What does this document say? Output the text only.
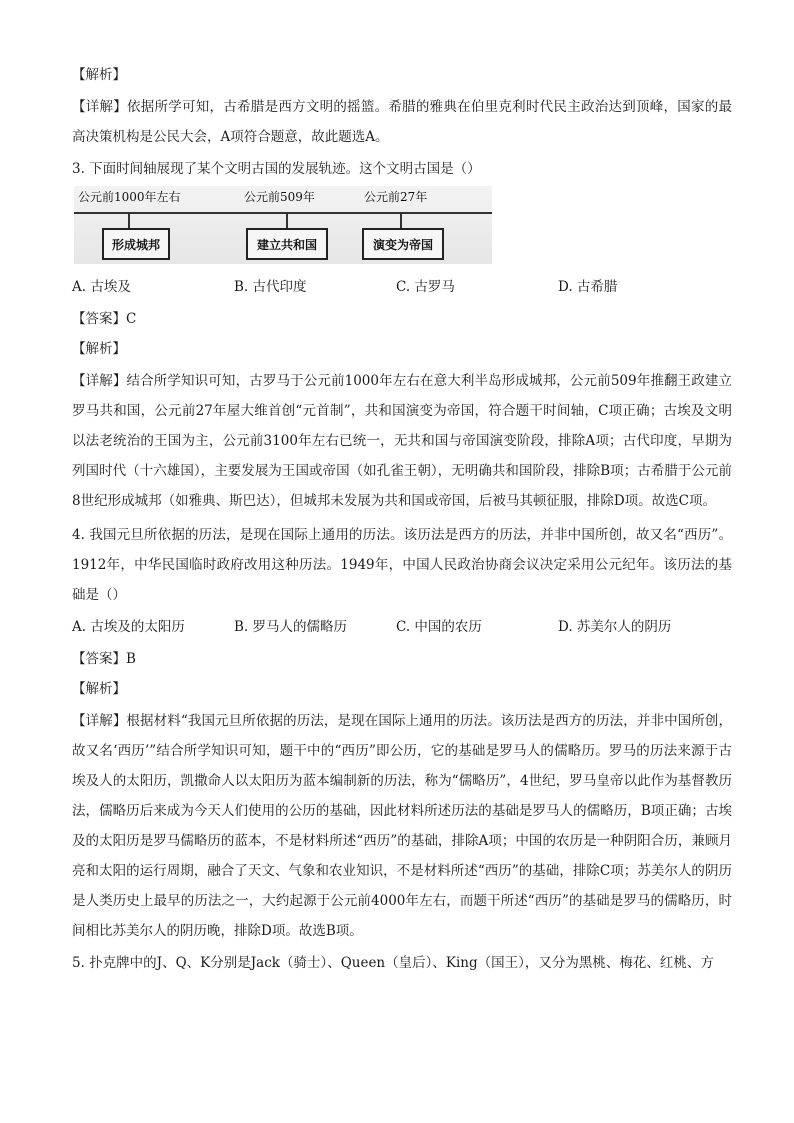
【解析】

【详解】依据所学可知，古希腊是西方文明的摇篮。希腊的雅典在伯里克利时代民主政治达到顶峰，国家的最高决策机构是公民大会，A项符合题意，故此题选A。

3. 下面时间轴展现了某个文明古国的发展轨迹。这个文明古国是（）

公元前1000年左右	公元前509年	公元前27年
形成城邦	建立共和国	演变为帝国
A. 古埃及	B. 古代印度	C. 古罗马	D. 古希腊

【答案】C

【解析】

【详解】结合所学知识可知，古罗马于公元前1000年左右在意大利半岛形成城邦，公元前509年推翻王政建立罗马共和国，公元前27年屋大维首创“元首制”，共和国演变为帝国，符合题干时间轴，C项正确；古埃及文明以法老统治的王国为主，公元前3100年左右已统一，无共和国与帝国演变阶段，排除A项；古代印度，早期为列国时代（十六雄国），主要发展为王国或帝国（如孔雀王朝），无明确共和国阶段，排除B项；古希腊于公元前8世纪形成城邦（如雅典、斯巴达），但城邦未发展为共和国或帝国，后被马其顿征服，排除D项。故选C项。

4. 我国元旦所依据的历法，是现在国际上通用的历法。该历法是西方的历法，并非中国所创，故又名“西历”。1912年，中华民国临时政府改用这种历法。1949年，中国人民政治协商会议决定采用公元纪年。该历法的基础是（）

A. 古埃及的太阳历	B. 罗马人的儒略历	C. 中国的农历	D. 苏美尔人的阴历

【答案】B

【解析】

【详解】根据材料“我国元旦所依据的历法，是现在国际上通用的历法。该历法是西方的历法，并非中国所创，故又名‘西历’”结合所学知识可知，题干中的“西历”即公历，它的基础是罗马人的儒略历。罗马的历法来源于古埃及人的太阳历，凯撒命人以太阳历为蓝本编制新的历法，称为“儒略历”，4世纪，罗马皇帝以此作为基督教历法，儒略历后来成为今天人们使用的公历的基础，因此材料所述历法的基础是罗马人的儒略历，B项正确；古埃及的太阳历是罗马儒略历的蓝本，不是材料所述“西历”的基础，排除A项；中国的农历是一种阴阳合历，兼顾月亮和太阳的运行周期，融合了天文、气象和农业知识，不是材料所述“西历”的基础，排除C项；苏美尔人的阴历是人类历史上最早的历法之一，大约起源于公元前4000年左右，而题干所述“西历”的基础是罗马的儒略历，时间相比苏美尔人的阴历晚，排除D项。故选B项。

5. 扑克牌中的J、Q、K分别是Jack（骑士）、Queen（皇后）、King（国王），又分为黑桃、梅花、红桃、方
